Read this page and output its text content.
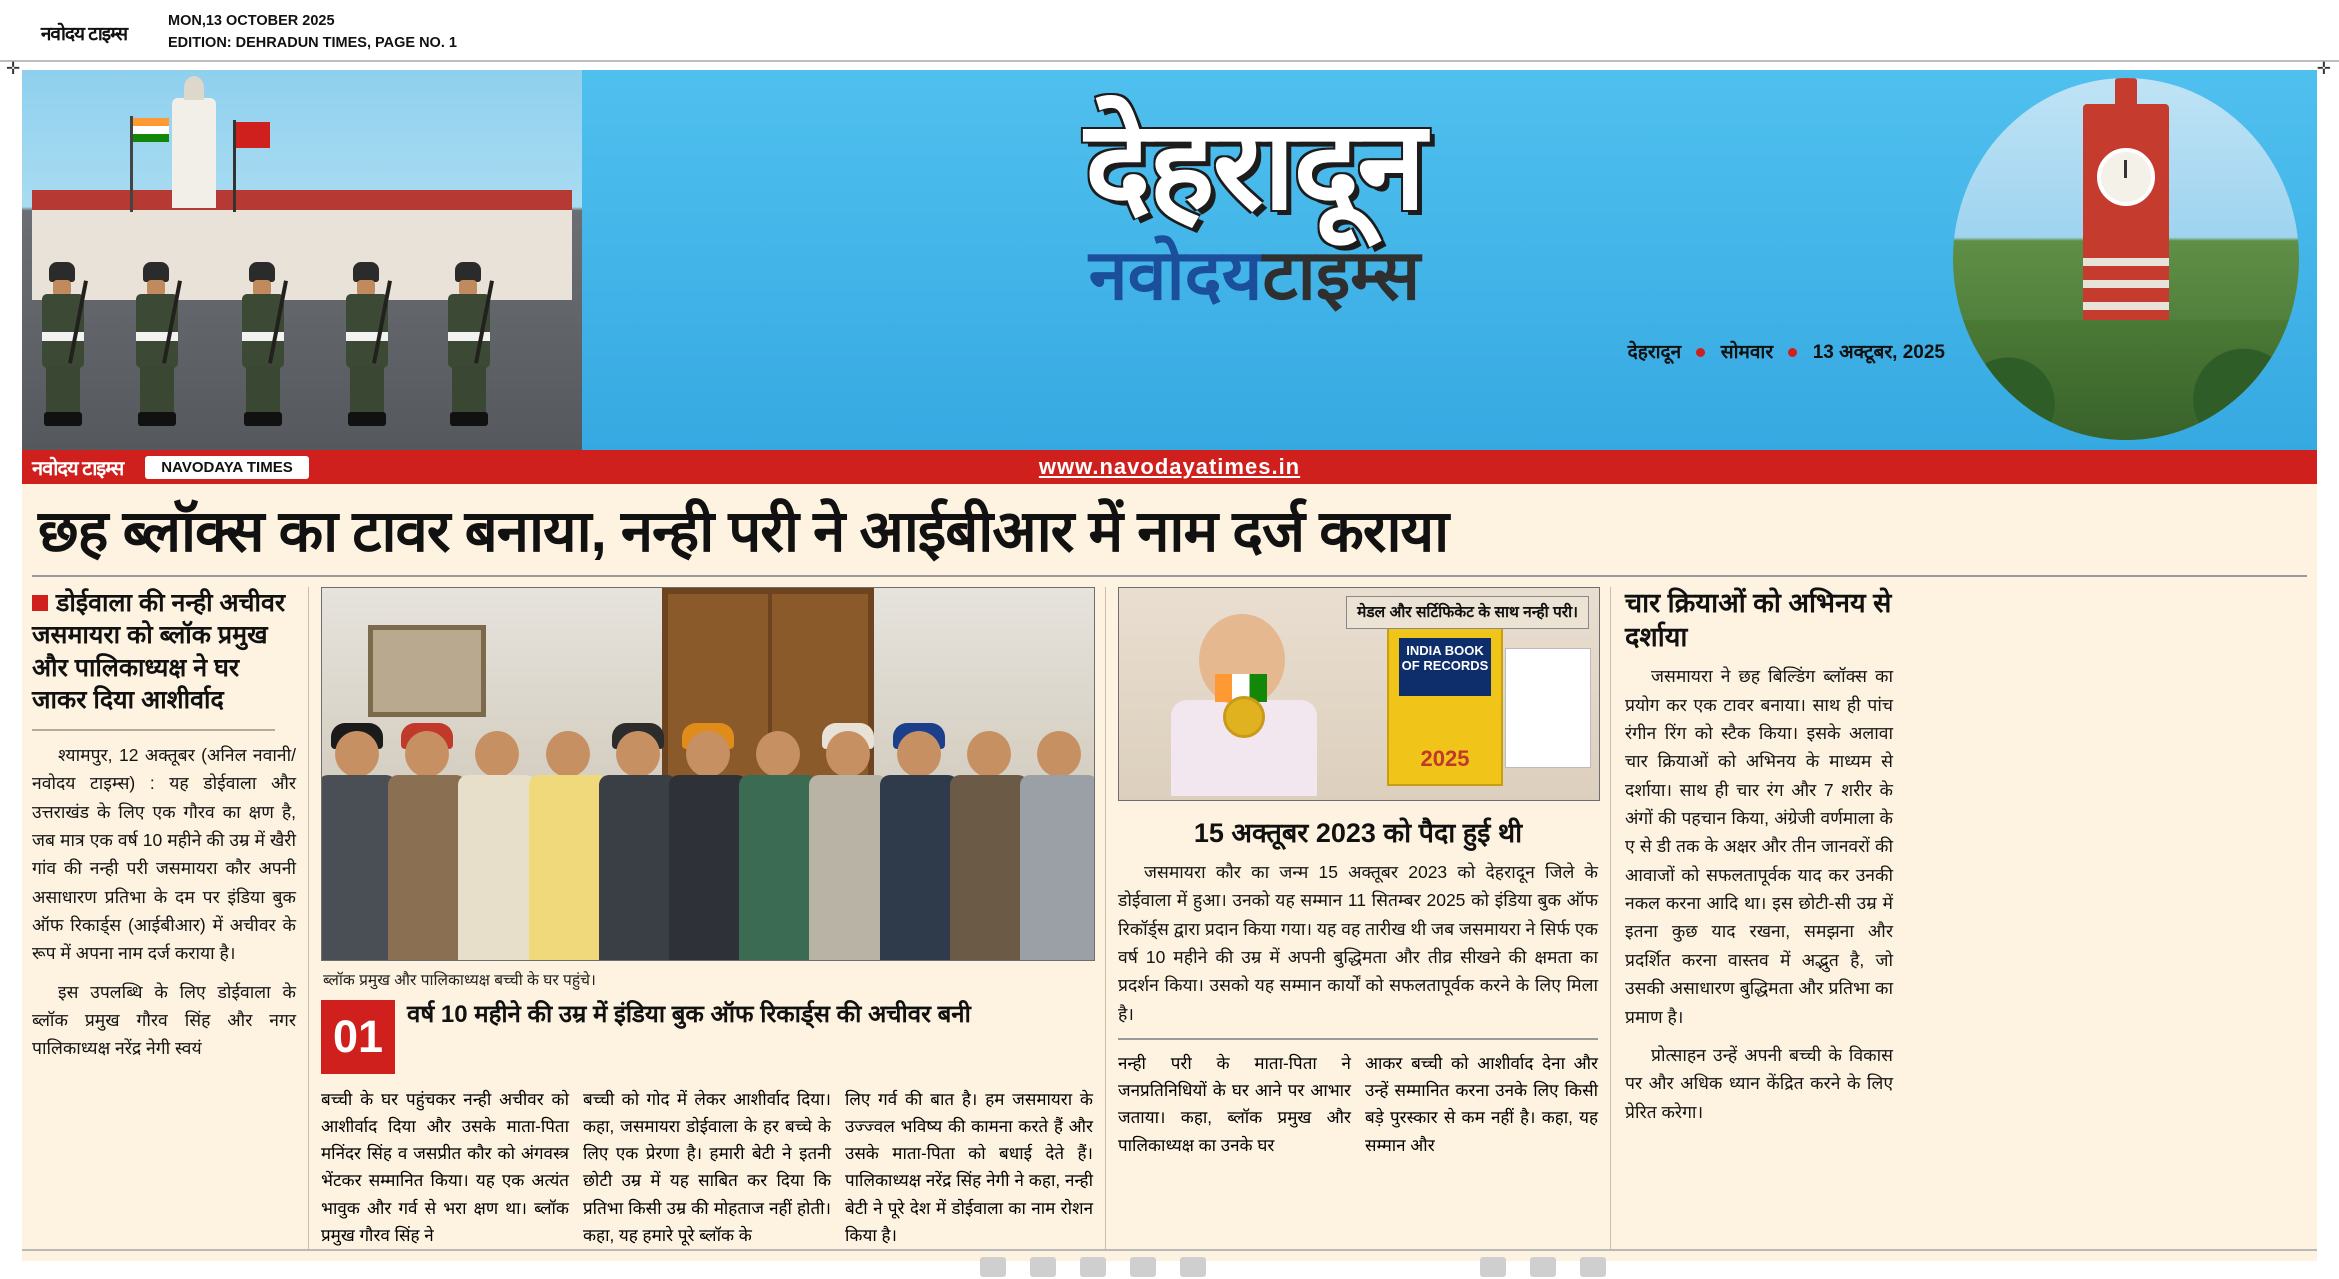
नवोदय टाइम्स
MON,13 OCTOBER 2025
EDITION: DEHRADUN TIMES, PAGE NO. 1
✛	✛
देहरादून
नवोदयटाइम्स
देहरादून सोमवार 13 अक्टूबर, 2025
नवोदय टाइम्स	NAVODAYA TIMES	www.navodayatimes.in
छह ब्लॉक्स का टावर बनाया, नन्ही परी ने आईबीआर में नाम दर्ज कराया
डोईवाला की नन्ही अचीवर जसमायरा को ब्लॉक प्रमुख और पालिकाध्यक्ष ने घर जाकर दिया आशीर्वाद

श्यामपुर, 12 अक्तूबर (अनिल नवानी/नवोदय टाइम्स) : यह डोईवाला और उत्तराखंड के लिए एक गौरव का क्षण है, जब मात्र एक वर्ष 10 महीने की उम्र में खैरी गांव की नन्ही परी जसमायरा कौर अपनी असाधारण प्रतिभा के दम पर इंडिया बुक ऑफ रिकार्ड्स (आईबीआर) में अचीवर के रूप में अपना नाम दर्ज कराया है।

इस उपलब्धि के लिए डोईवाला के ब्लॉक प्रमुख गौरव सिंह और नगर पालिकाध्यक्ष नरेंद्र नेगी स्वयं

ब्लॉक प्रमुख और पालिकाध्यक्ष बच्ची के घर पहुंचे।
01 वर्ष 10 महीने की उम्र में इंडिया बुक ऑफ रिकार्ड्स की अचीवर बनी
बच्ची के घर पहुंचकर नन्ही अचीवर को आशीर्वाद दिया और उसके माता-पिता मनिंदर सिंह व जसप्रीत कौर को अंगवस्त्र भेंटकर सम्मानित किया। यह एक अत्यंत भावुक और गर्व से भरा क्षण था। ब्लॉक प्रमुख गौरव सिंह ने
बच्ची को गोद में लेकर आशीर्वाद दिया। कहा, जसमायरा डोईवाला के हर बच्चे के लिए एक प्रेरणा है। हमारी बेटी ने इतनी छोटी उम्र में यह साबित कर दिया कि प्रतिभा किसी उम्र की मोहताज नहीं होती। कहा, यह हमारे पूरे ब्लॉक के
लिए गर्व की बात है। हम जसमायरा के उज्ज्वल भविष्य की कामना करते हैं और उसके माता-पिता को बधाई देते हैं। पालिकाध्यक्ष नरेंद्र सिंह नेगी ने कहा, नन्ही बेटी ने पूरे देश में डोईवाला का नाम रोशन किया है।
INDIA BOOK OF RECORDS
2025
मेडल और सर्टिफिकेट के साथ नन्ही परी।
15 अक्तूबर 2023 को पैदा हुई थी

जसमायरा कौर का जन्म 15 अक्तूबर 2023 को देहरादून जिले के डोईवाला में हुआ। उनको यह सम्मान 11 सितम्बर 2025 को इंडिया बुक ऑफ रिकॉर्ड्स द्वारा प्रदान किया गया। यह वह तारीख थी जब जसमायरा ने सिर्फ एक वर्ष 10 महीने की उम्र में अपनी बुद्धिमता और तीव्र सीखने की क्षमता का प्रदर्शन किया। उसको यह सम्मान कार्यों को सफलतापूर्वक करने के लिए मिला है।

नन्ही परी के माता-पिता ने जनप्रतिनिधियों के घर आने पर आभार जताया। कहा, ब्लॉक प्रमुख और पालिकाध्यक्ष का उनके घर
आकर बच्ची को आशीर्वाद देना और उन्हें सम्मानित करना उनके लिए किसी बड़े पुरस्कार से कम नहीं है। कहा, यह सम्मान और
चार क्रियाओं को अभिनय से दर्शाया

जसमायरा ने छह बिल्डिंग ब्लॉक्स का प्रयोग कर एक टावर बनाया। साथ ही पांच रंगीन रिंग को स्टैक किया। इसके अलावा चार क्रियाओं को अभिनय के माध्यम से दर्शाया। साथ ही चार रंग और 7 शरीर के अंगों की पहचान किया, अंग्रेजी वर्णमाला के ए से डी तक के अक्षर और तीन जानवरों की आवाजों को सफलतापूर्वक याद कर उनकी नकल करना आदि था। इस छोटी-सी उम्र में इतना कुछ याद रखना, समझना और प्रदर्शित करना वास्तव में अद्भुत है, जो उसकी असाधारण बुद्धिमता और प्रतिभा का प्रमाण है।

प्रोत्साहन उन्हें अपनी बच्ची के विकास पर और अधिक ध्यान केंद्रित करने के लिए प्रेरित करेगा।
